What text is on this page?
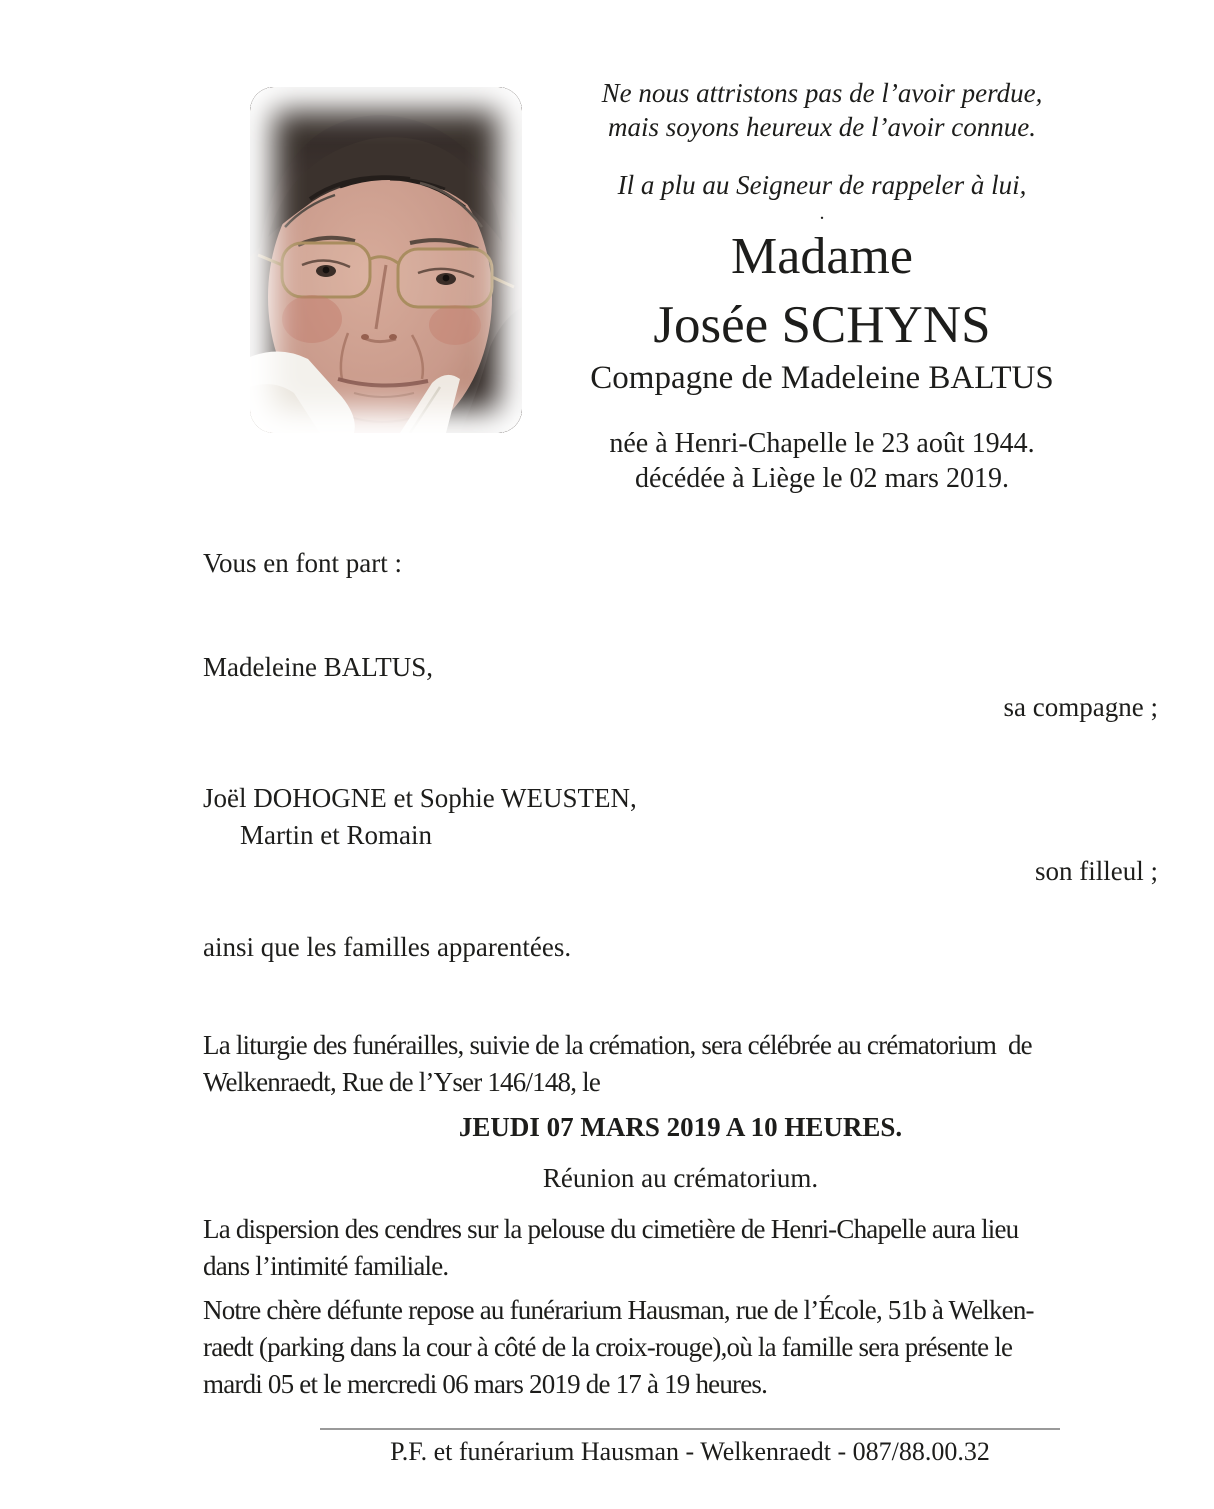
Ne nous attristons pas de l’avoir perdue,
mais soyons heureux de l’avoir connue.
Il a plu au Seigneur de rappeler à lui,
.
Madame
Josée SCHYNS
Compagne de Madeleine BALTUS
née à Henri-Chapelle le 23 août 1944.
décédée à Liège le 02 mars 2019.
Vous en font part :
Madeleine BALTUS,
sa compagne ;
Joël DOHOGNE et Sophie WEUSTEN,
Martin et Romain
son filleul ;
ainsi que les familles apparentées.
La liturgie des funérailles, suivie de la crémation, sera célébrée au crématorium  de
Welkenraedt, Rue de l’Yser 146/148, le
JEUDI 07 MARS 2019 A 10 HEURES.
Réunion au crématorium.
La dispersion des cendres sur la pelouse du cimetière de Henri-Chapelle aura lieu
dans l’intimité familiale.
Notre chère défunte repose au funérarium Hausman, rue de l’École, 51b à Welken-
raedt (parking dans la cour à côté de la croix-rouge),où la famille sera présente le
mardi 05 et le mercredi 06 mars 2019 de 17 à 19 heures.
P.F. et funérarium Hausman - Welkenraedt - 087/88.00.32
